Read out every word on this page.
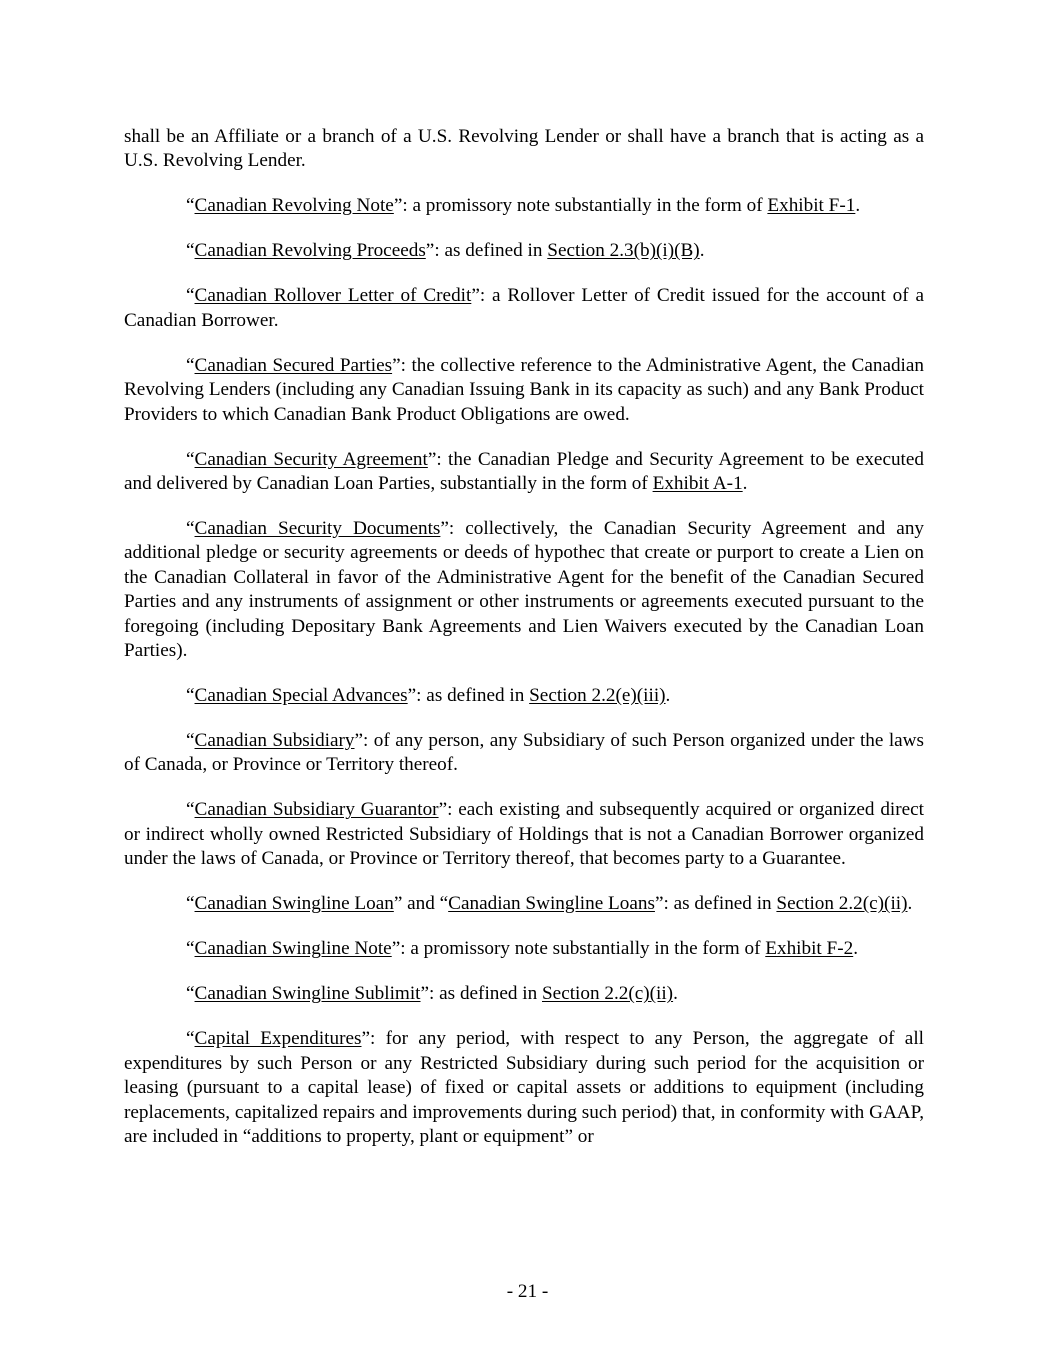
shall be an Affiliate or a branch of a U.S. Revolving Lender or shall have a branch that is acting as a U.S. Revolving Lender.

“Canadian Revolving Note”: a promissory note substantially in the form of Exhibit F-1.

“Canadian Revolving Proceeds”: as defined in Section 2.3(b)(i)(B).

“Canadian Rollover Letter of Credit”: a Rollover Letter of Credit issued for the account of a Canadian Borrower.

“Canadian Secured Parties”: the collective reference to the Administrative Agent, the Canadian Revolving Lenders (including any Canadian Issuing Bank in its capacity as such) and any Bank Product Providers to which Canadian Bank Product Obligations are owed.

“Canadian Security Agreement”: the Canadian Pledge and Security Agreement to be executed and delivered by Canadian Loan Parties, substantially in the form of Exhibit A-1.

“Canadian Security Documents”: collectively, the Canadian Security Agreement and any additional pledge or security agreements or deeds of hypothec that create or purport to create a Lien on the Canadian Collateral in favor of the Administrative Agent for the benefit of the Canadian Secured Parties and any instruments of assignment or other instruments or agreements executed pursuant to the foregoing (including Depositary Bank Agreements and Lien Waivers executed by the Canadian Loan Parties).

“Canadian Special Advances”: as defined in Section 2.2(e)(iii).

“Canadian Subsidiary”: of any person, any Subsidiary of such Person organized under the laws of Canada, or Province or Territory thereof.

“Canadian Subsidiary Guarantor”: each existing and subsequently acquired or organized direct or indirect wholly owned Restricted Subsidiary of Holdings that is not a Canadian Borrower organized under the laws of Canada, or Province or Territory thereof, that becomes party to a Guarantee.

“Canadian Swingline Loan” and “Canadian Swingline Loans”: as defined in Section 2.2(c)(ii).

“Canadian Swingline Note”: a promissory note substantially in the form of Exhibit F-2.

“Canadian Swingline Sublimit”: as defined in Section 2.2(c)(ii).

“Capital Expenditures”: for any period, with respect to any Person, the aggregate of all expenditures by such Person or any Restricted Subsidiary during such period for the acquisition or leasing (pursuant to a capital lease) of fixed or capital assets or additions to equipment (including replacements, capitalized repairs and improvements during such period) that, in conformity with GAAP, are included in “additions to property, plant or equipment” or

- 21 -
